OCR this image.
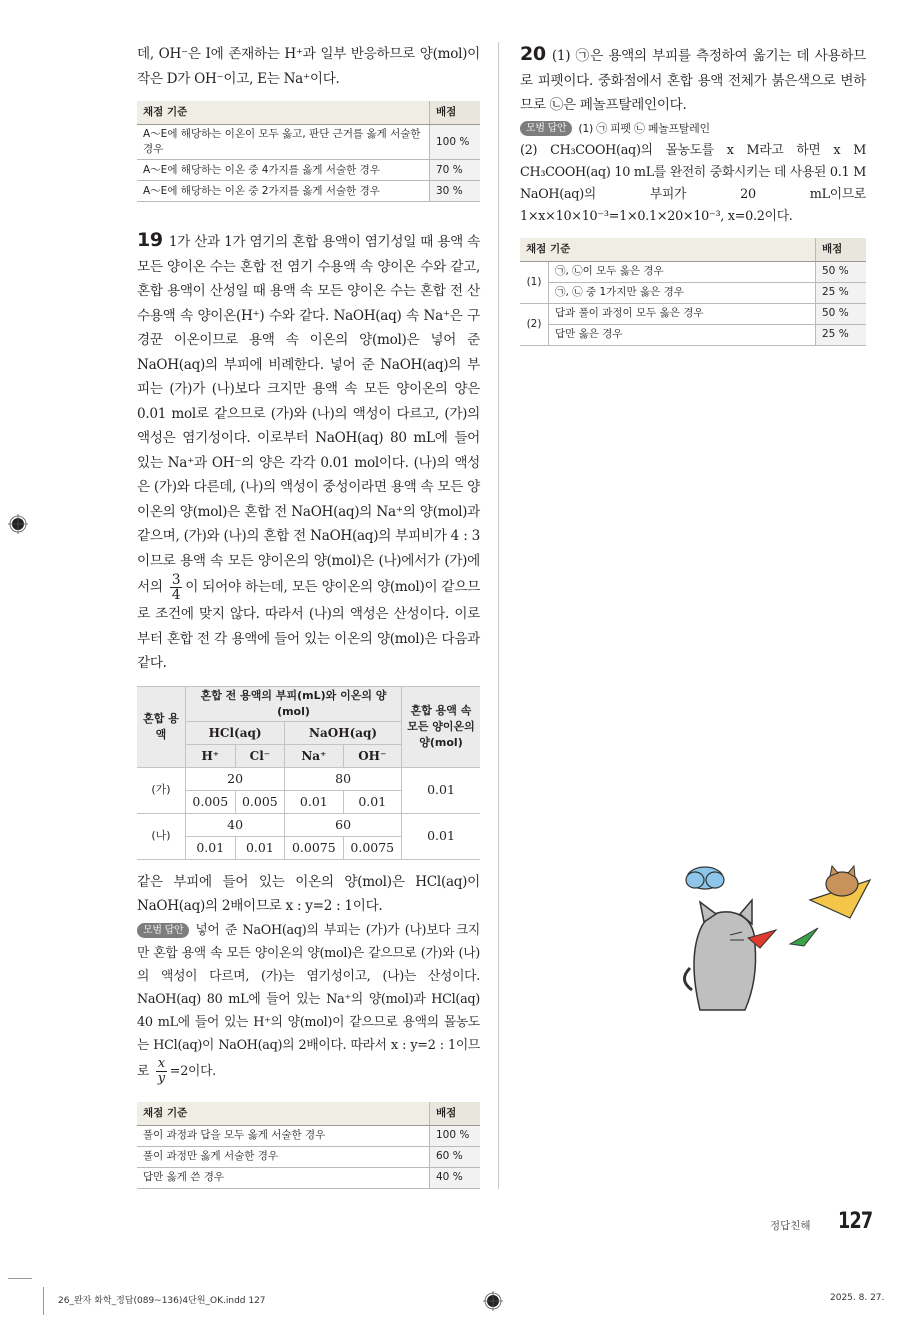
데, OH⁻은 I에 존재하는 H⁺과 일부 반응하므로 양(mol)이 작은 D가 OH⁻이고, E는 Na⁺이다.
채점 기준	배점
A～E에 해당하는 이온이 모두 옳고, 판단 근거를 옳게 서술한 경우	100 %
A～E에 해당하는 이온 중 4가지를 옳게 서술한 경우	70 %
A～E에 해당하는 이온 중 2가지를 옳게 서술한 경우	30 %
19 1가 산과 1가 염기의 혼합 용액이 염기성일 때 용액 속 모든 양이온 수는 혼합 전 염기 수용액 속 양이온 수와 같고, 혼합 용액이 산성일 때 용액 속 모든 양이온 수는 혼합 전 산 수용액 속 양이온(H⁺) 수와 같다. NaOH(aq) 속 Na⁺은 구경꾼 이온이므로 용액 속 이온의 양(mol)은 넣어 준 NaOH(aq)의 부피에 비례한다. 넣어 준 NaOH(aq)의 부피는 (가)가 (나)보다 크지만 용액 속 모든 양이온의 양은 0.01 mol로 같으므로 (가)와 (나)의 액성이 다르고, (가)의 액성은 염기성이다. 이로부터 NaOH(aq) 80 mL에 들어 있는 Na⁺과 OH⁻의 양은 각각 0.01 mol이다. (나)의 액성은 (가)와 다른데, (나)의 액성이 중성이라면 용액 속 모든 양이온의 양(mol)은 혼합 전 NaOH(aq)의 Na⁺의 양(mol)과 같으며, (가)와 (나)의 혼합 전 NaOH(aq)의 부피비가 4 : 3이므로 용액 속 모든 양이온의 양(mol)은 (나)에서가 (가)에 서의 $\frac{3}{4}$ 이 되어야 하는데, 모든 양이온의 양(mol)이 같으므로 조건에 맞지 않다. 따라서 (나)의 액성은 산성이다. 이로부터 혼합 전 각 용액에 들어 있는 이온의 양(mol)은 다음과 같다.
혼합 용액	혼합 전 용액의 부피(mL)와 이온의 양(mol)				혼합 용액 속 모든 양이온의 양(mol)
	HCl(aq)		NaOH(aq)		
	H⁺	Cl⁻	Na⁺	OH⁻	
(가)	20		80		0.01
	0.005	0.005	0.01	0.01	
(나)	40		60		0.01
	0.01	0.01	0.0075	0.0075	
같은 부피에 들어 있는 이온의 양(mol)은 HCl(aq)이 NaOH(aq)의 2배이므로 x : y=2 : 1이다.
모범 답안 넣어 준 NaOH(aq)의 부피는 (가)가 (나)보다 크지만 혼합 용액 속 모든 양이온의 양(mol)은 같으므로 (가)와 (나)의 액성이 다르며, (가)는 염기성이고, (나)는 산성이다. NaOH(aq) 80 mL에 들어 있는 Na⁺의 양(mol)과 HCl(aq) 40 mL에 들어 있는 H⁺의 양(mol)이 같으므로 용액의 몰농도는 HCl(aq)이 NaOH(aq)의 2배이다. 따라서 x : y=2 : 1이므 로 $\frac{x}{y} =2$이다.
채점 기준	배점
풀이 과정과 답을 모두 옳게 서술한 경우	100 %
풀이 과정만 옳게 서술한 경우	60 %
답만 옳게 쓴 경우	40 %
20 (1) ㉠은 용액의 부피를 측정하여 옮기는 데 사용하므로 피펫이다. 중화점에서 혼합 용액 전체가 붉은색으로 변하므로 ㉡은 페놀프탈레인이다.
모범 답안 (1) ㉠ 피펫 ㉡ 페놀프탈레인
(2) CH₃COOH(aq)의 몰농도를 x M라고 하면 x M CH₃COOH(aq) 10 mL를 완전히 중화시키는 데 사용된 0.1 M NaOH(aq)의 부피가 20 mL이므로 1×x×10×10⁻³=1×0.1×20×10⁻³, x=0.2이다.
채점 기준		배점
(1)	㉠, ㉡이 모두 옳은 경우	50 %
	㉠, ㉡ 중 1가지만 옳은 경우	25 %
(2)	답과 풀이 과정이 모두 옳은 경우	50 %
	답만 옳은 경우	25 %
정답친해 127
26_완자 화학_정답(089~136)4단원_OK.indd 127	2025. 8. 27.
